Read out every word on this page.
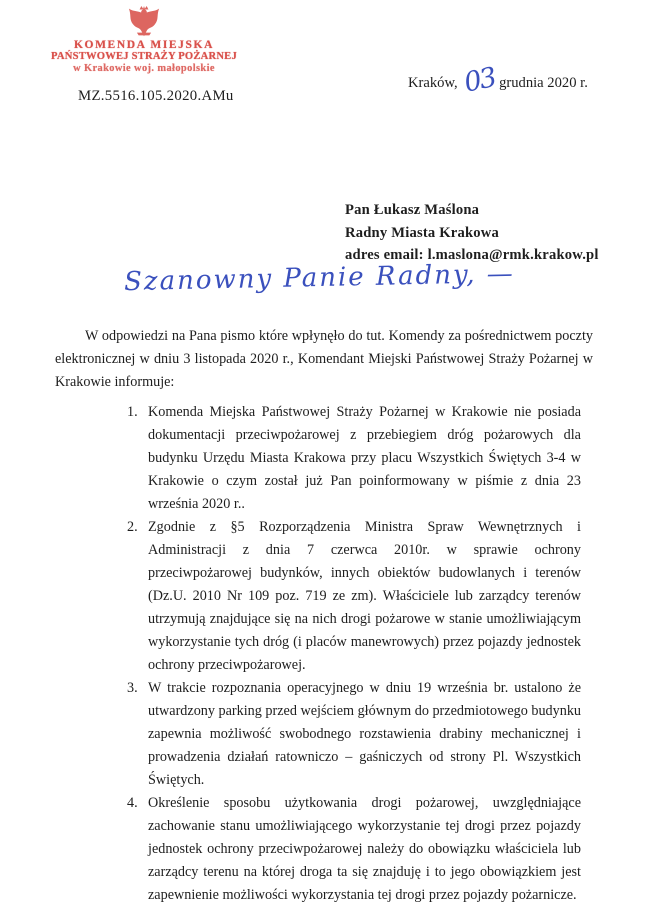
KOMENDA MIEJSKA
PAŃSTWOWEJ STRAŻY POŻARNEJ
w Krakowie woj. małopolskie
Kraków, 03 grudnia 2020 r.
MZ.5516.105.2020.AMu
Pan Łukasz Maślona
Radny Miasta Krakowa
adres email: l.maslona@rmk.krakow.pl
Szanowny Panie Radny, —

W odpowiedzi na Pana pismo które wpłynęło do tut. Komendy za pośrednictwem poczty elektronicznej w dniu 3 listopada 2020 r., Komendant Miejski Państwowej Straży Pożarnej w Krakowie informuje:

1. Komenda Miejska Państwowej Straży Pożarnej w Krakowie nie posiada dokumentacji przeciwpożarowej z przebiegiem dróg pożarowych dla budynku Urzędu Miasta Krakowa przy placu Wszystkich Świętych 3-4 w Krakowie o czym został już Pan poinformowany w piśmie z dnia 23 września 2020 r..
2. Zgodnie z §5 Rozporządzenia Ministra Spraw Wewnętrznych i Administracji z dnia 7 czerwca 2010r. w sprawie ochrony przeciwpożarowej budynków, innych obiektów budowlanych i terenów (Dz.U. 2010 Nr 109 poz. 719 ze zm). Właściciele lub zarządcy terenów utrzymują znajdujące się na nich drogi pożarowe w stanie umożliwiającym wykorzystanie tych dróg (i placów manewrowych) przez pojazdy jednostek ochrony przeciwpożarowej.
3. W trakcie rozpoznania operacyjnego w dniu 19 września br. ustalono że utwardzony parking przed wejściem głównym do przedmiotowego budynku zapewnia możliwość swobodnego rozstawienia drabiny mechanicznej i prowadzenia działań ratowniczo – gaśniczych od strony Pl. Wszystkich Świętych.
4. Określenie sposobu użytkowania drogi pożarowej, uwzględniające zachowanie stanu umożliwiającego wykorzystanie tej drogi przez pojazdy jednostek ochrony przeciwpożarowej należy do obowiązku właściciela lub zarządcy terenu na której droga ta się znajduję i to jego obowiązkiem jest zapewnienie możliwości wykorzystania tej drogi przez pojazdy pożarnicze.
